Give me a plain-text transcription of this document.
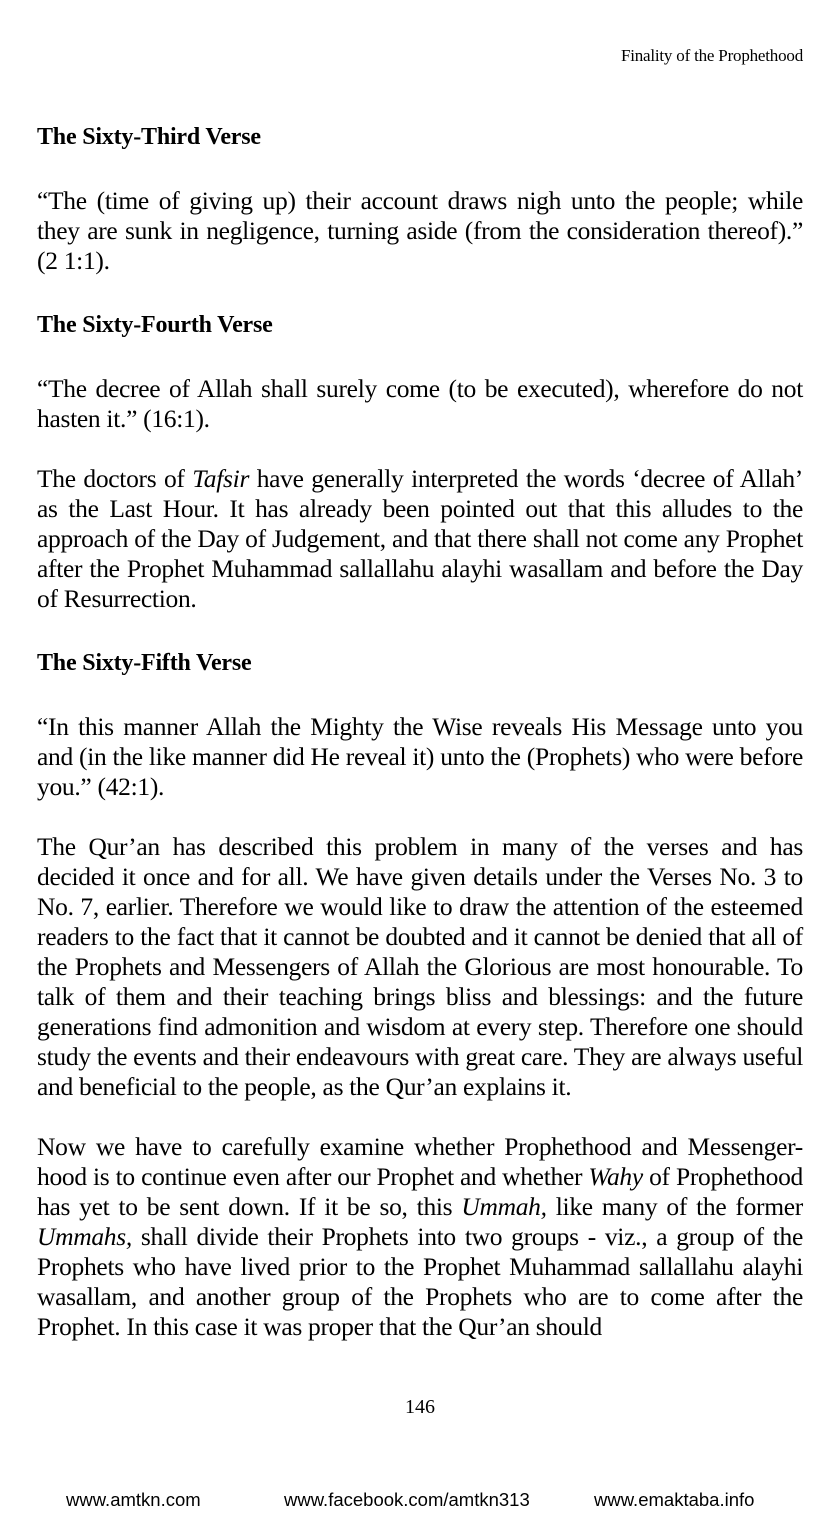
Finality of the Prophethood
The Sixty-Third Verse

“The (time of giving up) their account draws nigh unto the people; while they are sunk in negligence, turning aside (from the consideration thereof).” (2 1:1).

The Sixty-Fourth Verse

“The decree of Allah shall surely come (to be executed), wherefore do not hasten it.” (16:1).

The doctors of Tafsir have generally interpreted the words ‘decree of Allah’ as the Last Hour. It has already been pointed out that this alludes to the approach of the Day of Judgement, and that there shall not come any Prophet after the Prophet Muhammad sallallahu alayhi wasallam and before the Day of Resurrection.

The Sixty-Fifth Verse

“In this manner Allah the Mighty the Wise reveals His Message unto you and (in the like manner did He reveal it) unto the (Prophets) who were before you.” (42:1).

The Qur’an has described this problem in many of the verses and has decided it once and for all. We have given details under the Verses No. 3 to No. 7, earlier. Therefore we would like to draw the attention of the esteemed readers to the fact that it cannot be doubted and it cannot be denied that all of the Prophets and Messengers of Allah the Glorious are most honourable. To talk of them and their teaching brings bliss and blessings: and the future generations find admonition and wisdom at every step. Therefore one should study the events and their endeavours with great care. They are always useful and beneficial to the people, as the Qur’an explains it.

Now we have to carefully examine whether Prophethood and Messenger-hood is to continue even after our Prophet and whether Wahy of Prophethood has yet to be sent down. If it be so, this Ummah, like many of the former Ummahs, shall divide their Prophets into two groups - viz., a group of the Prophets who have lived prior to the Prophet Muhammad sallallahu alayhi wasallam, and another group of the Prophets who are to come after the Prophet. In this case it was proper that the Qur’an should

146
www.amtkn.com	www.facebook.com/amtkn313	www.emaktaba.info
